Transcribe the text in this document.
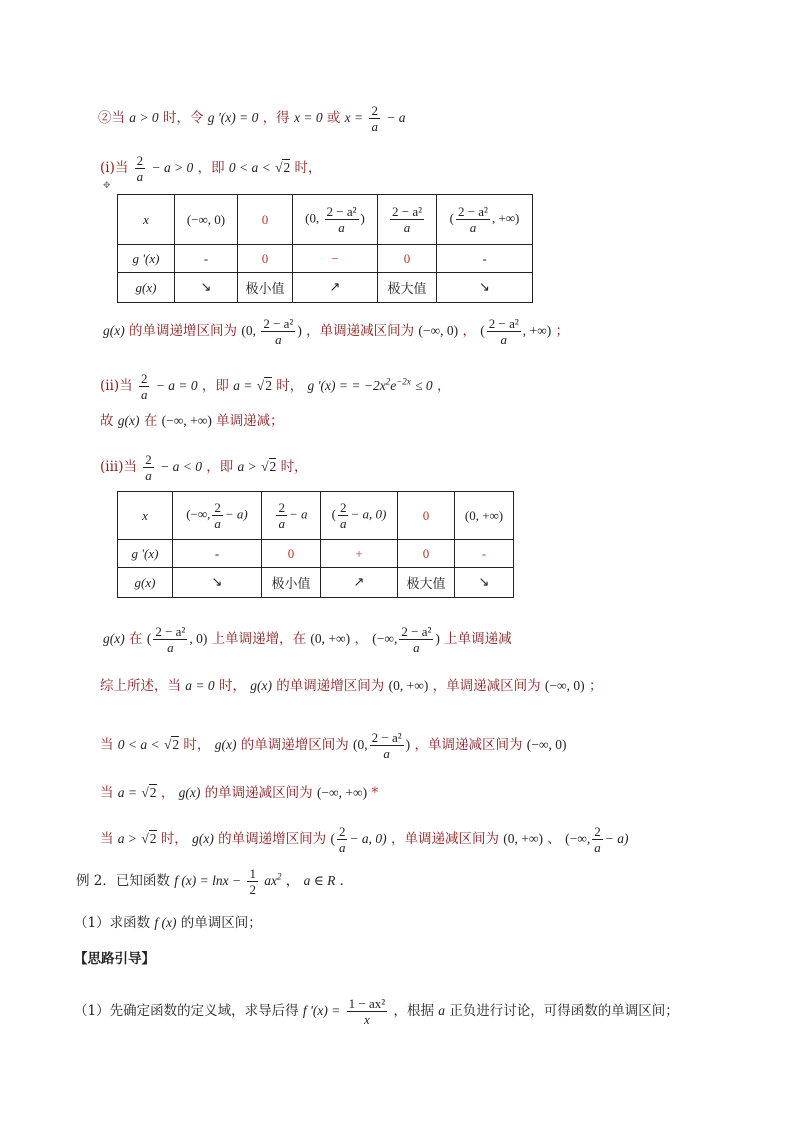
②当 a > 0 时，令 g '(x) = 0 ，得 x = 0 或 $x = \frac{2}{a} - a$
(ⅰ)当 $\frac{2}{a} - a > 0$ ，即 0 < a < √2 时，
✥
x	(−∞, 0)	0	(0, $\frac{\text{2 − a²}}{a}$ )	$\frac{\text{2 − a²}}{a}$	( $\frac{\text{2 − a²}}{a}$ , +∞)
g '(x)	-	0	−	0	-
g(x)	↘	极小值	↗	极大值	↘
g(x) 的单调递增区间为 (0, $\frac{\text{2 − a²}}{a}$ ) ，单调递减区间为 (−∞, 0) ， ( $\frac{\text{2 − a²}}{a}$ , +∞) ；
(ⅱ)当 $\frac{2}{a} - a = 0$ ，即 a = √2 时， g '(x) = = $-2x^2e^{-2x} \le 0$ ，
故 g(x) 在 (−∞, +∞) 单调递减；
(iii)当 $\frac{2}{a} - a < 0$ ，即 a > √2 时，
x	(−∞, $\frac{2}{a} - a$)	$\frac{2}{a} - a$	( $\frac{2}{a} - a$, 0)	0	(0, +∞)
g '(x)	-	0	+	0	-
g(x)	↘	极小值	↗	极大值	↘
g(x) 在 ( $\frac{\text{2 − a²}}{a}$ , 0) 上单调递增，在 (0, +∞) ， (−∞, $\frac{\text{2 − a²}}{a}$ ) 上单调递减
综上所述，当 a = 0 时， g(x) 的单调递增区间为 (0, +∞) ，单调递减区间为 (−∞, 0) ；
当 0 < a < √2 时， g(x) 的单调递增区间为 (0, $\frac{\text{2 − a²}}{a}$ ) ，单调递减区间为 (−∞, 0)
当 a = √2 ， g(x) 的单调递减区间为 (−∞, +∞) *
当 a > √2 时， g(x) 的单调递增区间为 ( $\frac{2}{a} - a$, 0) ，单调递减区间为 (0, +∞) 、 (−∞, $\frac{2}{a} - a$)
例 2．已知函数 f $(x) = \ln x - \frac{1}{2} ax^2$ ， a ∈ R ．
（1）求函数 f (x) 的单调区间；
【思路引导】
（1）先确定函数的定义域，求导后得 f '$(x) = \frac{\text{1 − ax²}}{x}$ ，根据 a 正负进行讨论，可得函数的单调区间；
